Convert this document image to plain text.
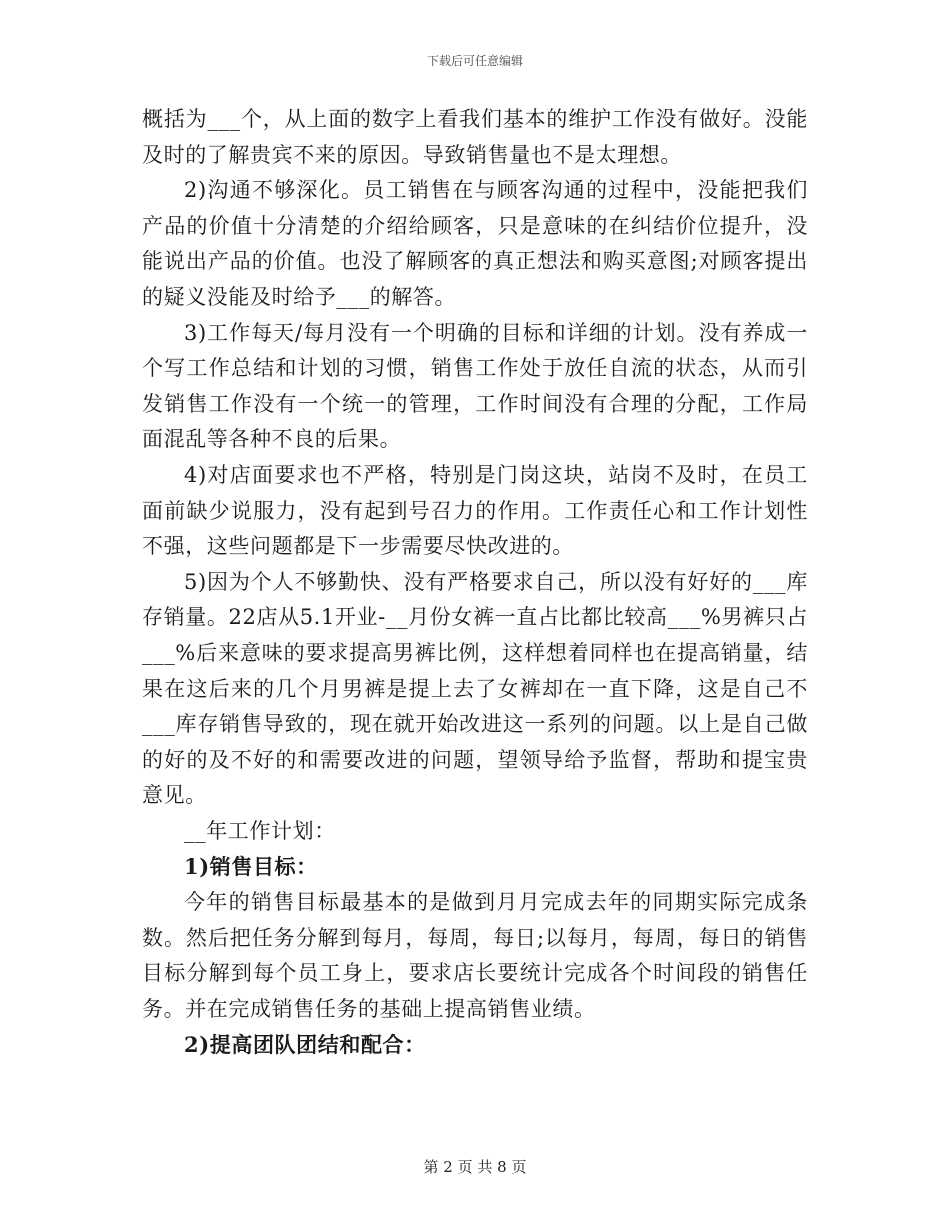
下载后可任意编辑

概括为___个，从上面的数字上看我们基本的维护工作没有做好。没能及时的了解贵宾不来的原因。导致销售量也不是太理想。

2)沟通不够深化。员工销售在与顾客沟通的过程中，没能把我们产品的价值十分清楚的介绍给顾客，只是意味的在纠结价位提升，没能说出产品的价值。也没了解顾客的真正想法和购买意图;对顾客提出的疑义没能及时给予___的解答。

3)工作每天/每月没有一个明确的目标和详细的计划。没有养成一个写工作总结和计划的习惯，销售工作处于放任自流的状态，从而引发销售工作没有一个统一的管理，工作时间没有合理的分配，工作局面混乱等各种不良的后果。

4)对店面要求也不严格，特别是门岗这块，站岗不及时，在员工面前缺少说服力，没有起到号召力的作用。工作责任心和工作计划性不强，这些问题都是下一步需要尽快改进的。

5)因为个人不够勤快、没有严格要求自己，所以没有好好的___库存销量。22店从5.1开业-__月份女裤一直占比都比较高___%男裤只占___%后来意味的要求提高男裤比例，这样想着同样也在提高销量，结果在这后来的几个月男裤是提上去了女裤却在一直下降，这是自己不___库存销售导致的，现在就开始改进这一系列的问题。以上是自己做的好的及不好的和需要改进的问题，望领导给予监督，帮助和提宝贵意见。

__年工作计划：

1)销售目标：

今年的销售目标最基本的是做到月月完成去年的同期实际完成条数。然后把任务分解到每月，每周，每日;以每月，每周，每日的销售目标分解到每个员工身上，要求店长要统计完成各个时间段的销售任务。并在完成销售任务的基础上提高销售业绩。

2)提高团队团结和配合：

第 2 页 共 8 页
